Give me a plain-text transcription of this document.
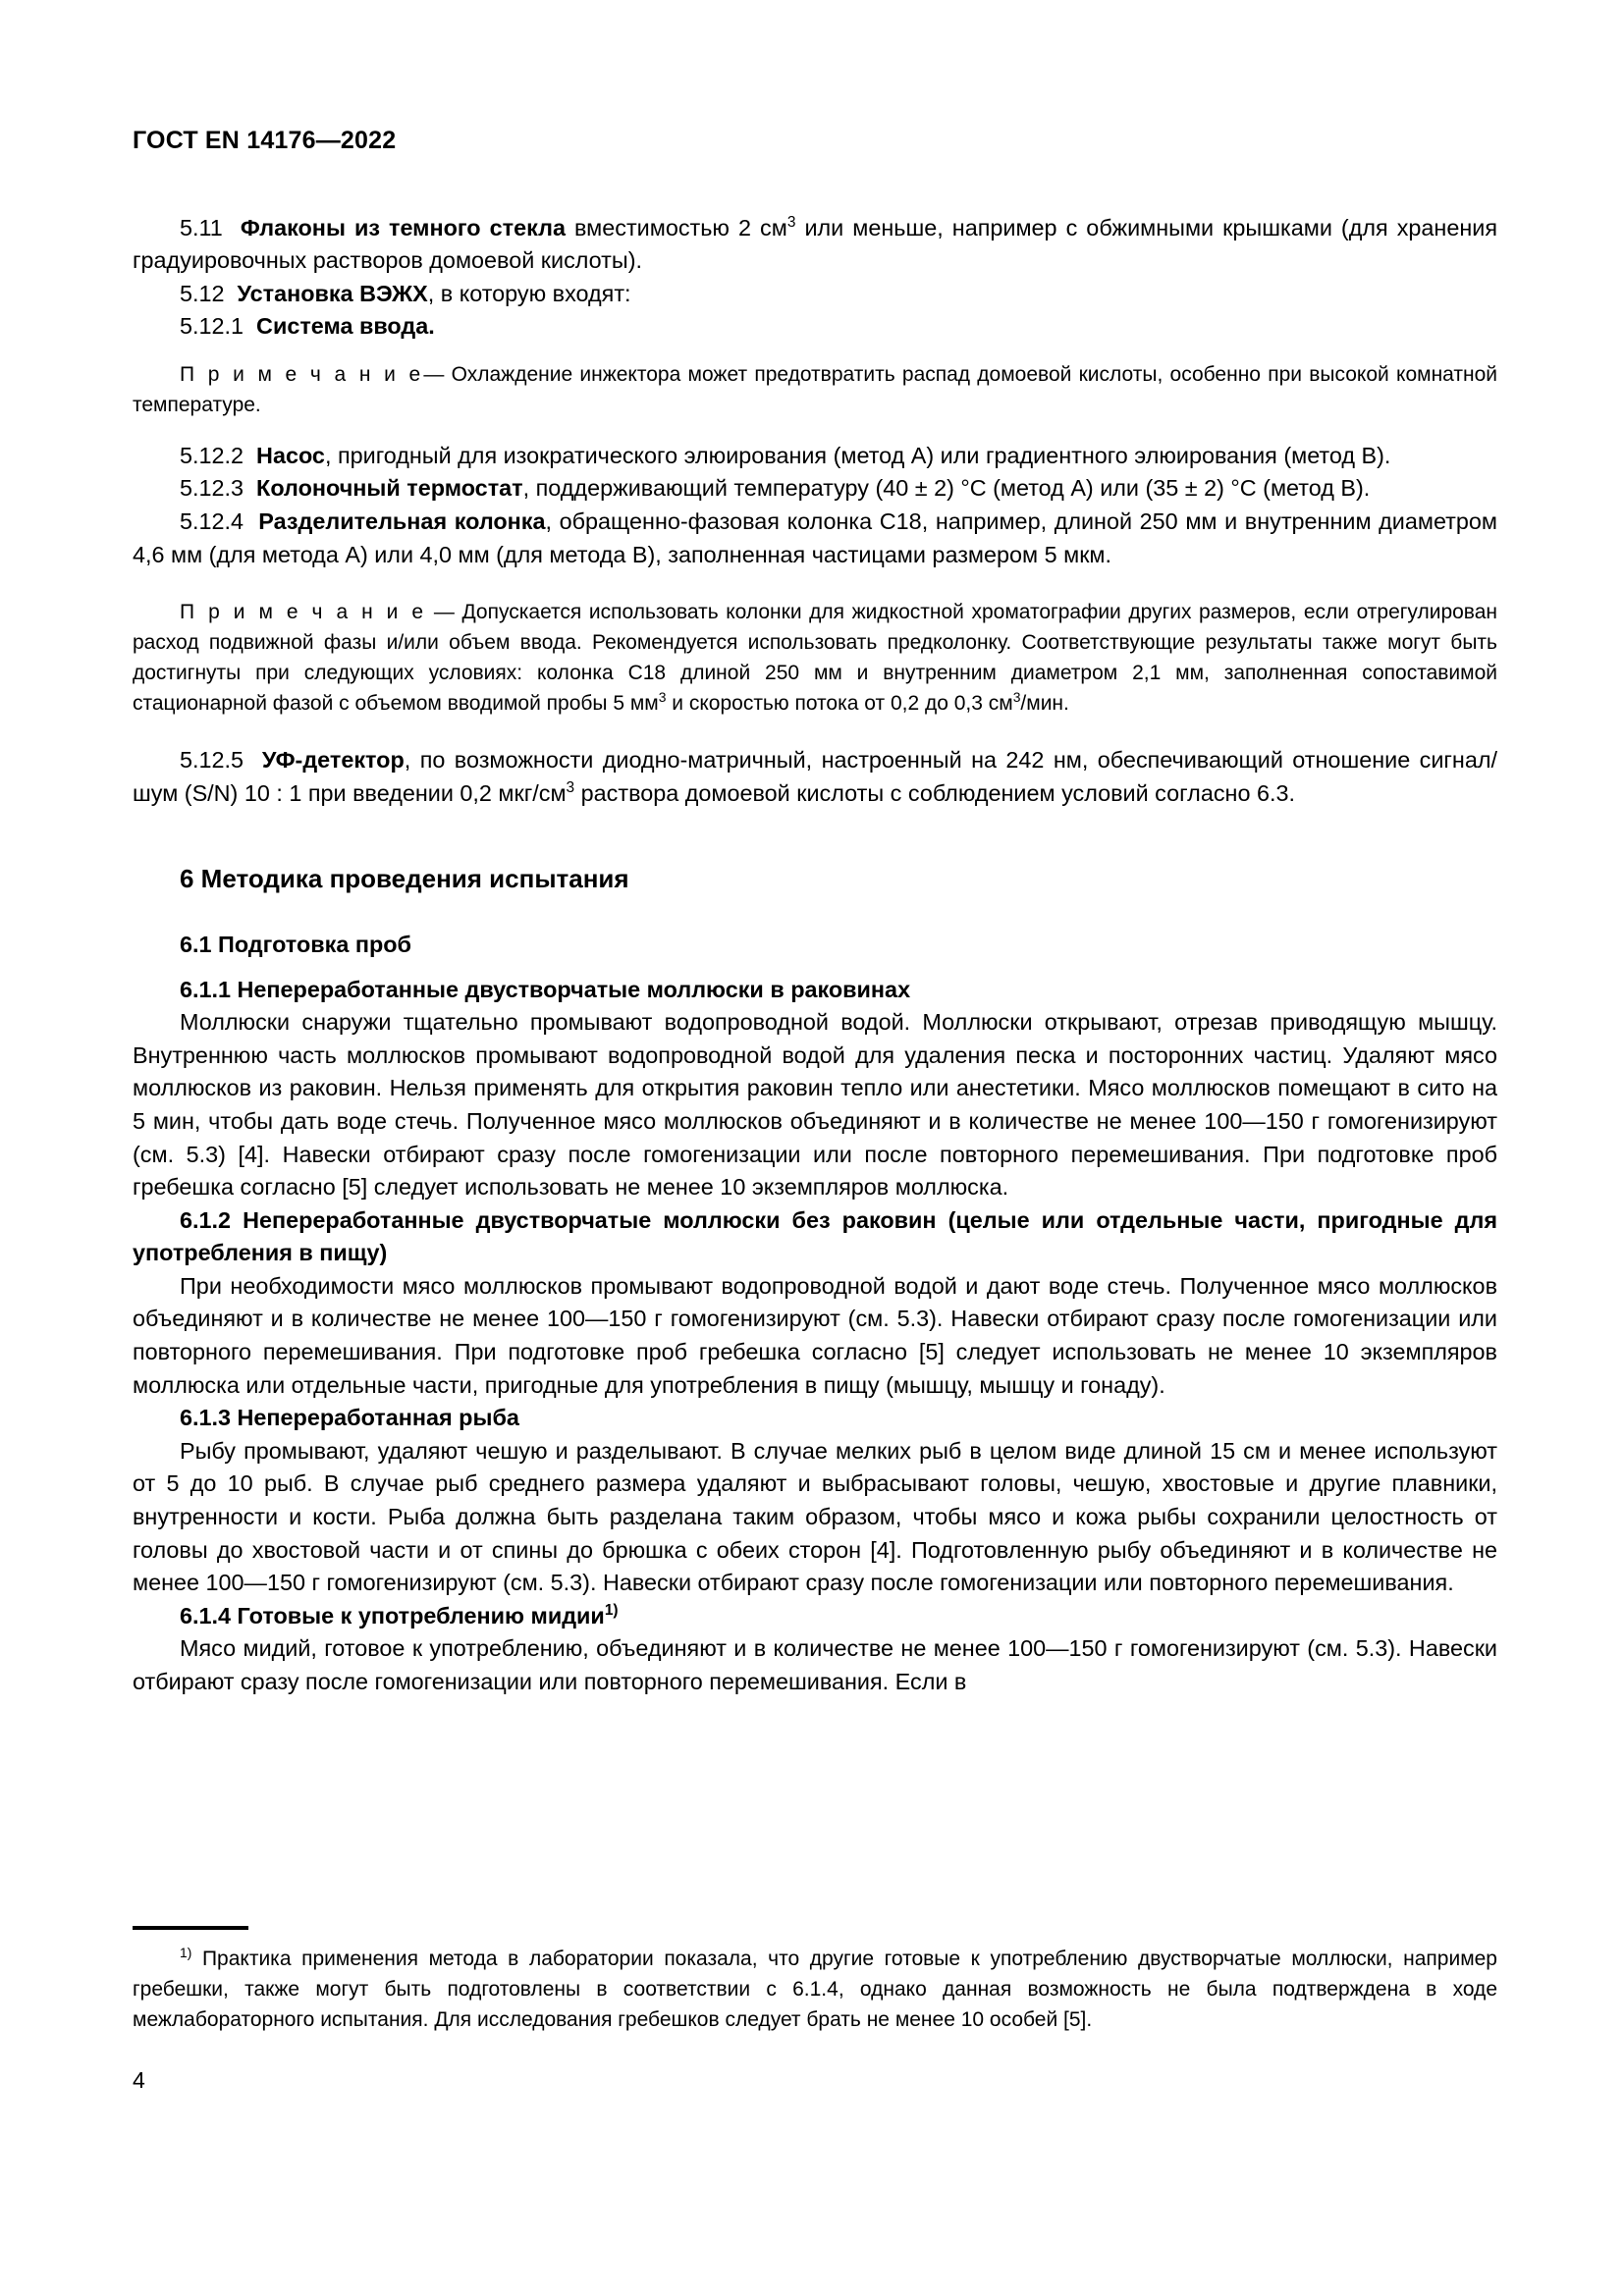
ГОСТ EN 14176—2022

5.11 Флаконы из темного стекла вместимостью 2 $см^3$ или меньше, например с обжимными крышками (для хранения градуировочных растворов домоевой кислоты).

5.12 Установка ВЭЖХ, в которую входят:

5.12.1 Система ввода.

П р и м е ч а н и е— Охлаждение инжектора может предотвратить распад домоевой кислоты, особенно при высокой комнатной температуре.

5.12.2 Насос, пригодный для изократического элюирования (метод А) или градиентного элюирования (метод В).

5.12.3 Колоночный термостат, поддерживающий температуру (40 ± 2) °С (метод А) или (35 ± 2) °С (метод В).

5.12.4 Разделительная колонка, обращенно-фазовая колонка С18, например, длиной 250 мм и внутренним диаметром 4,6 мм (для метода А) или 4,0 мм (для метода В), заполненная частицами размером 5 мкм.

П р и м е ч а н и е — Допускается использовать колонки для жидкостной хроматографии других размеров, если отрегулирован расход подвижной фазы и/или объем ввода. Рекомендуется использовать предколонку. Соответствующие результаты также могут быть достигнуты при следующих условиях: колонка С18 длиной 250 мм и внутренним диаметром 2,1 мм, заполненная сопоставимой стационарной фазой с объемом вводимой пробы 5 $мм^3$ и скоростью потока от 0,2 до 0,3 $см^3$/мин.

5.12.5 УФ-детектор, по возможности диодно-матричный, настроенный на 242 нм, обеспечивающий отношение сигнал/шум (S/N) 10 : 1 при введении 0,2 мкг/$см^3$ раствора домоевой кислоты с соблюдением условий согласно 6.3.

6 Методика проведения испытания

6.1 Подготовка проб

6.1.1 Непереработанные двустворчатые моллюски в раковинах

Моллюски снаружи тщательно промывают водопроводной водой. Моллюски открывают, отрезав приводящую мышцу. Внутреннюю часть моллюсков промывают водопроводной водой для удаления песка и посторонних частиц. Удаляют мясо моллюсков из раковин. Нельзя применять для открытия раковин тепло или анестетики. Мясо моллюсков помещают в сито на 5 мин, чтобы дать воде стечь. Полученное мясо моллюсков объединяют и в количестве не менее 100—150 г гомогенизируют (см. 5.3) [4]. Навески отбирают сразу после гомогенизации или после повторного перемешивания. При подготовке проб гребешка согласно [5] следует использовать не менее 10 экземпляров моллюска.

6.1.2 Непереработанные двустворчатые моллюски без раковин (целые или отдельные части, пригодные для употребления в пищу)

При необходимости мясо моллюсков промывают водопроводной водой и дают воде стечь. Полученное мясо моллюсков объединяют и в количестве не менее 100—150 г гомогенизируют (см. 5.3). Навески отбирают сразу после гомогенизации или повторного перемешивания. При подготовке проб гребешка согласно [5] следует использовать не менее 10 экземпляров моллюска или отдельные части, пригодные для употребления в пищу (мышцу, мышцу и гонаду).

6.1.3 Непереработанная рыба

Рыбу промывают, удаляют чешую и разделывают. В случае мелких рыб в целом виде длиной 15 см и менее используют от 5 до 10 рыб. В случае рыб среднего размера удаляют и выбрасывают головы, чешую, хвостовые и другие плавники, внутренности и кости. Рыба должна быть разделана таким образом, чтобы мясо и кожа рыбы сохранили целостность от головы до хвостовой части и от спины до брюшка с обеих сторон [4]. Подготовленную рыбу объединяют и в количестве не менее 100—150 г гомогенизируют (см. 5.3). Навески отбирают сразу после гомогенизации или повторного перемешивания.

6.1.4 Готовые к употреблению мидии$^{1)}$

Мясо мидий, готовое к употреблению, объединяют и в количестве не менее 100—150 г гомогенизируют (см. 5.3). Навески отбирают сразу после гомогенизации или повторного перемешивания. Если в

$^{1)}$ Практика применения метода в лаборатории показала, что другие готовые к употреблению двустворчатые моллюски, например гребешки, также могут быть подготовлены в соответствии с 6.1.4, однако данная возможность не была подтверждена в ходе межлабораторного испытания. Для исследования гребешков следует брать не менее 10 особей [5].

4
